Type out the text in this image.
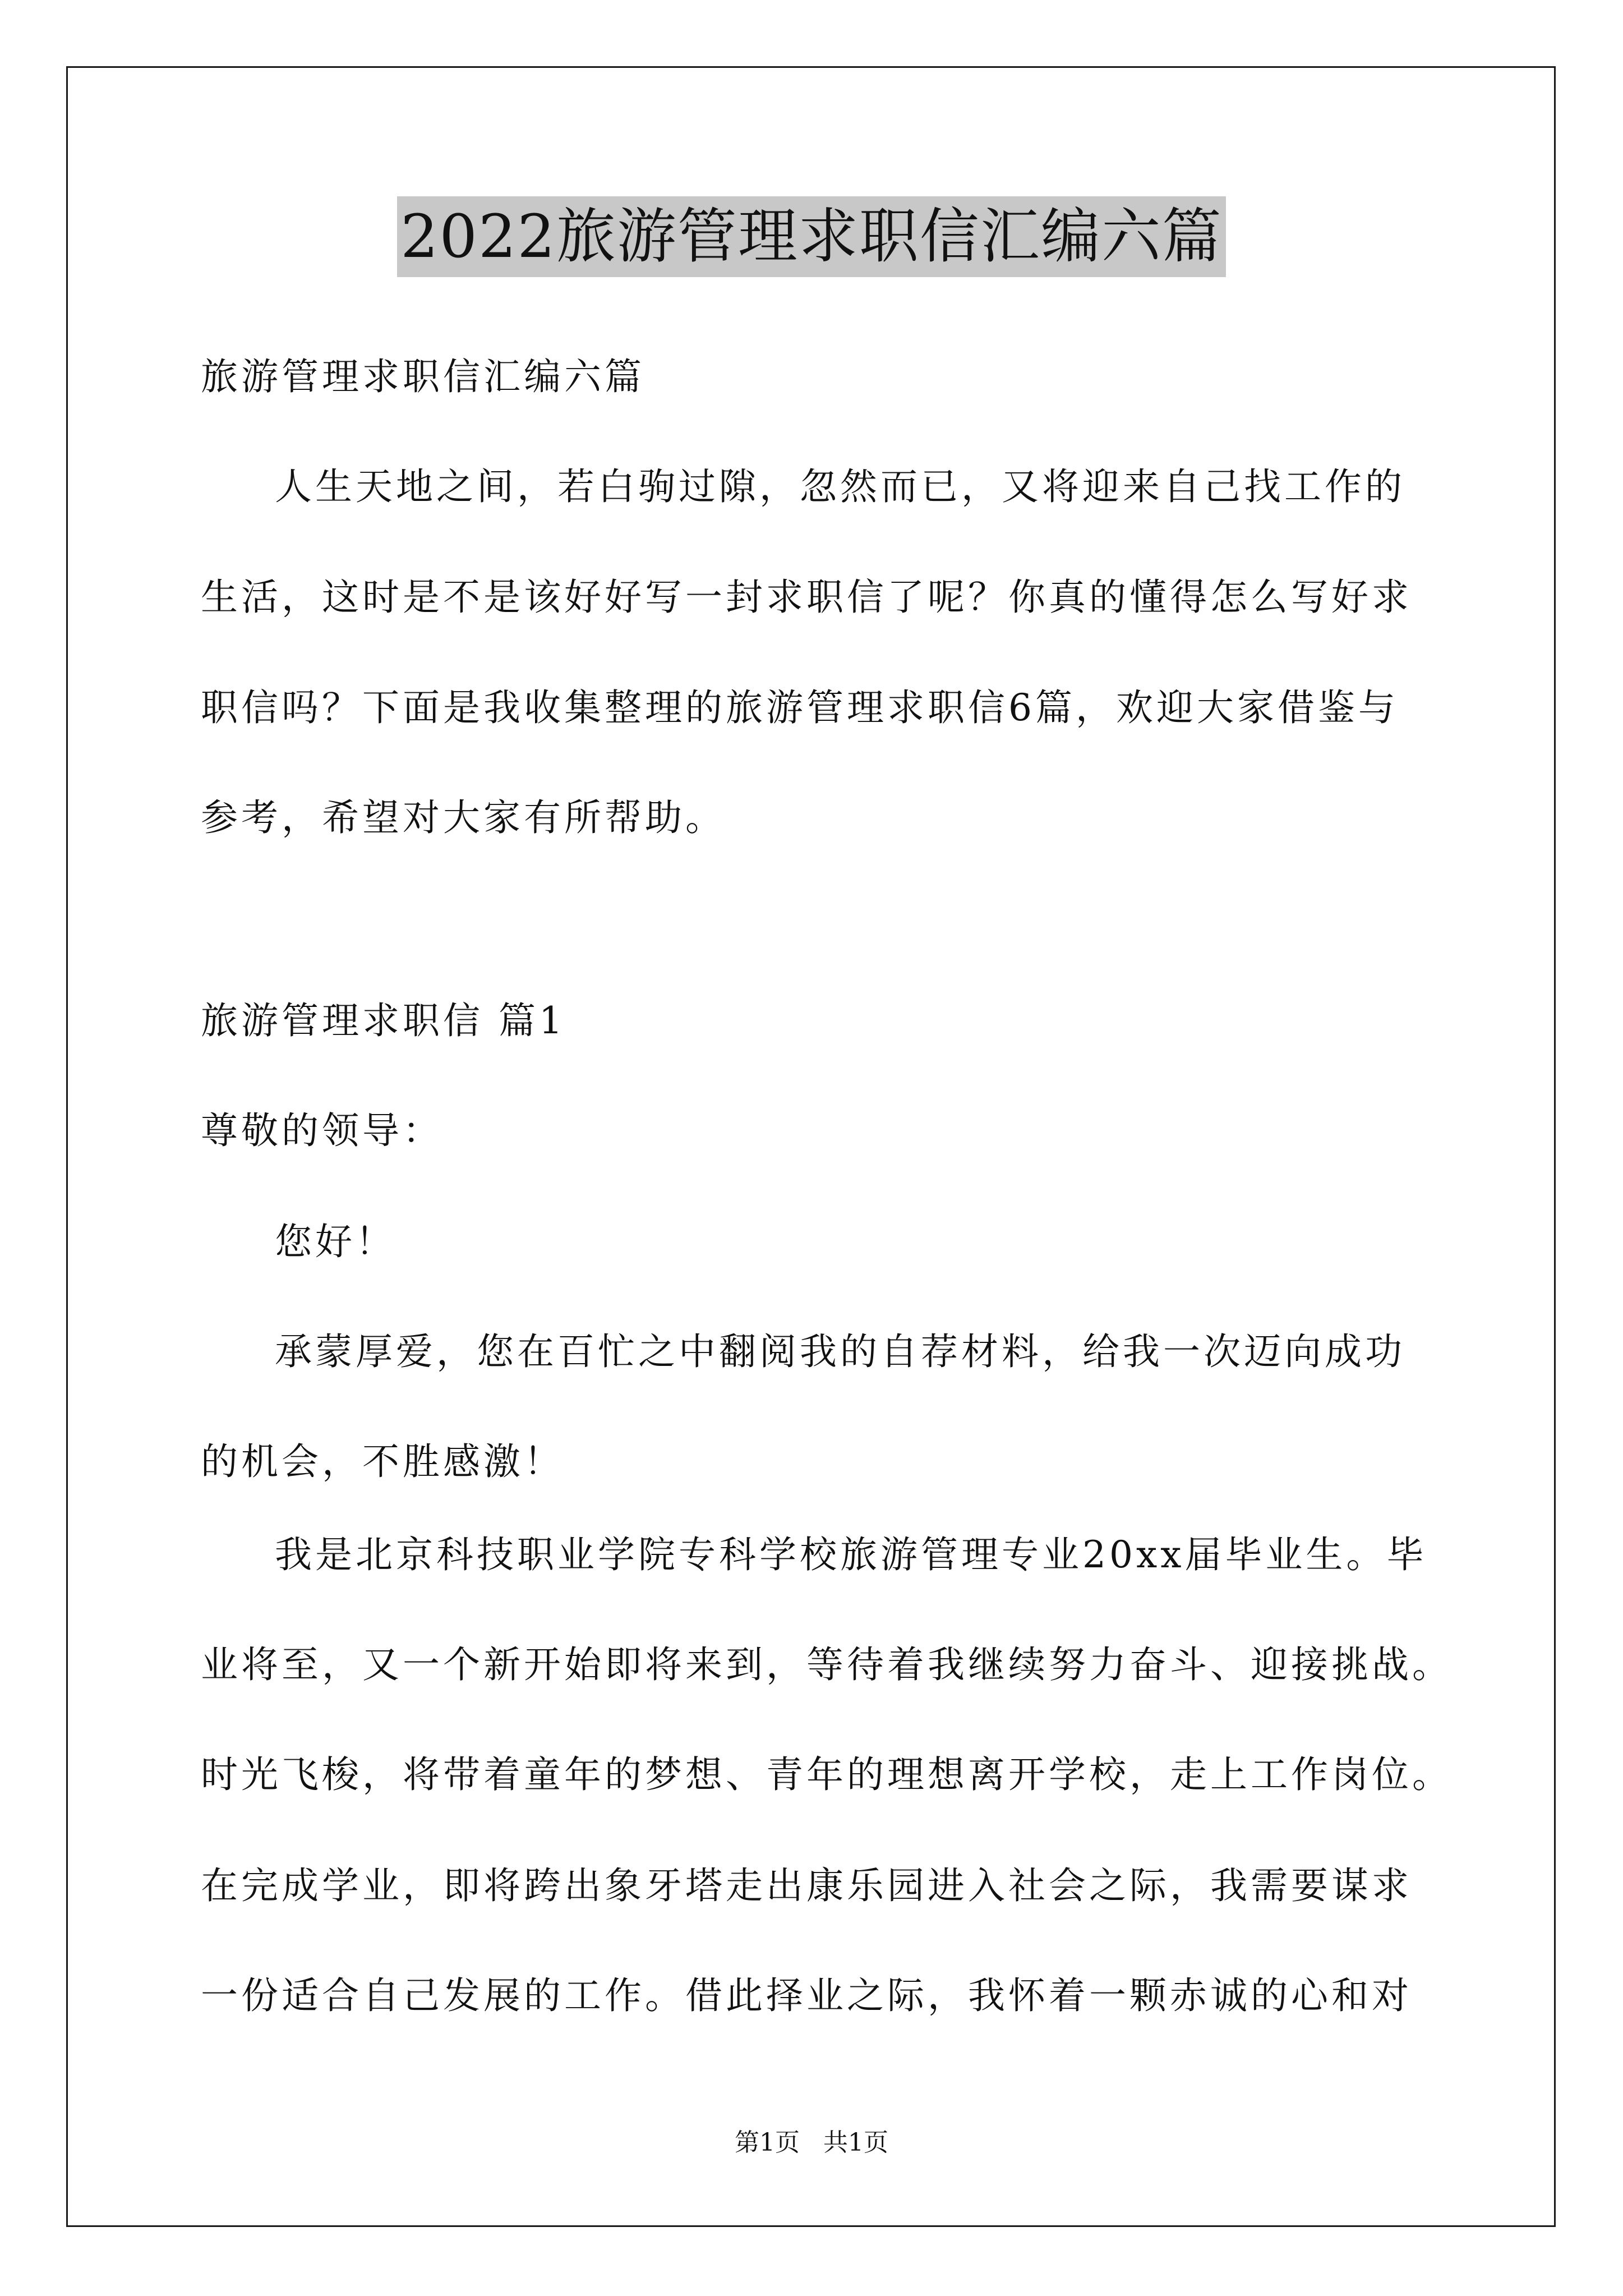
2022旅游管理求职信汇编六篇
旅游管理求职信汇编六篇
人生天地之间，若白驹过隙，忽然而已，又将迎来自己找工作的
生活，这时是不是该好好写一封求职信了呢？你真的懂得怎么写好求
职信吗？下面是我收集整理的旅游管理求职信6篇，欢迎大家借鉴与
参考，希望对大家有所帮助。
旅游管理求职信 篇1
尊敬的领导：
您好！
承蒙厚爱，您在百忙之中翻阅我的自荐材料，给我一次迈向成功
的机会，不胜感激！
我是北京科技职业学院专科学校旅游管理专业20xx届毕业生。毕
业将至，又一个新开始即将来到，等待着我继续努力奋斗、迎接挑战。
时光飞梭，将带着童年的梦想、青年的理想离开学校，走上工作岗位。
在完成学业，即将跨出象牙塔走出康乐园进入社会之际，我需要谋求
一份适合自己发展的工作。借此择业之际，我怀着一颗赤诚的心和对
第1页   共1页
